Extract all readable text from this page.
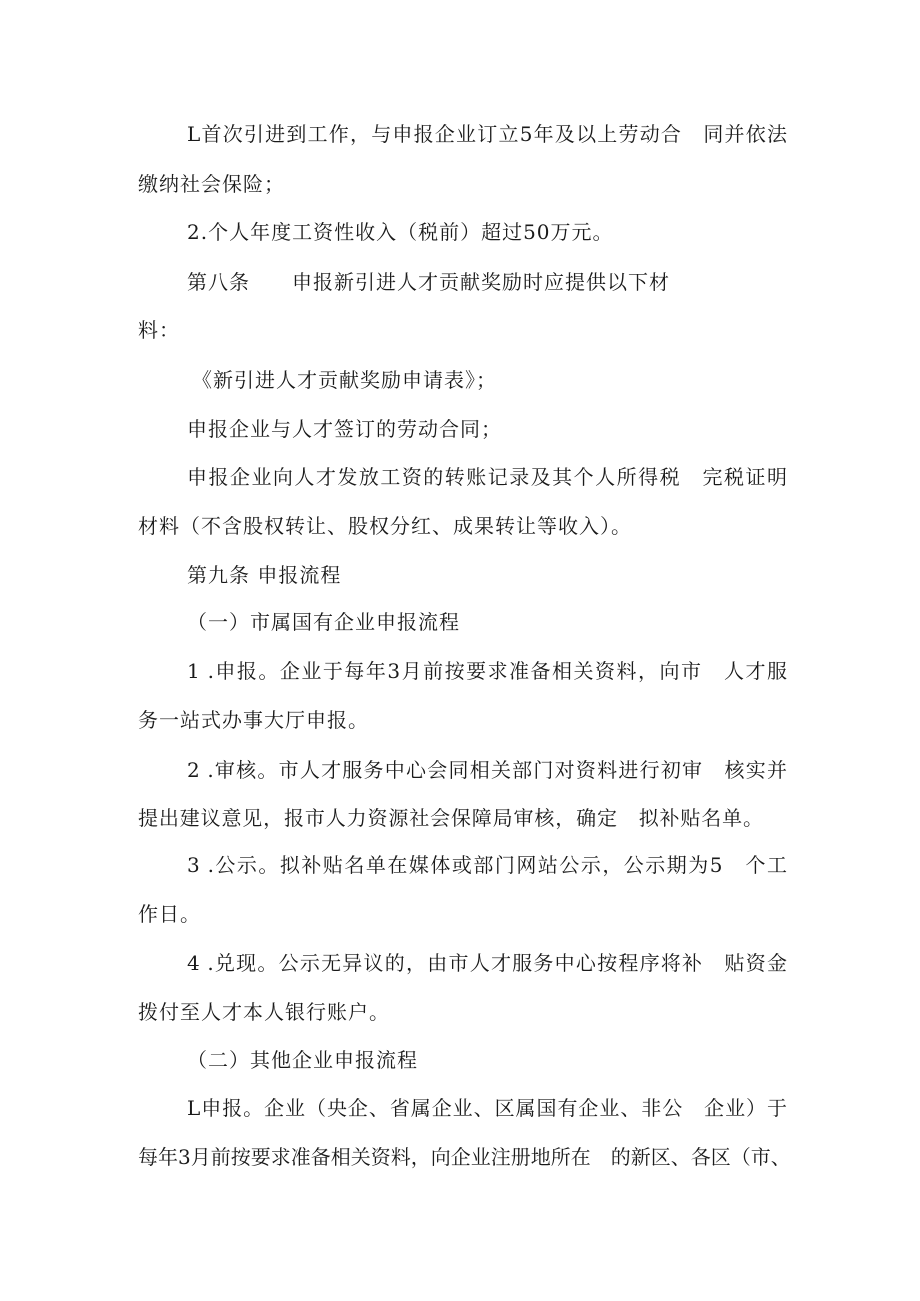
L首次引进到工作，与申报企业订立5年及以上劳动合　同并依法
缴纳社会保险；
2.个人年度工资性收入（税前）超过50万元。
第八条　　申报新引进人才贡献奖励时应提供以下材
料：
《新引进人才贡献奖励申请表》；
申报企业与人才签订的劳动合同；
申报企业向人才发放工资的转账记录及其个人所得税　完税证明
材料（不含股权转让、股权分红、成果转让等收入）。
第九条 申报流程
（一）市属国有企业申报流程
1 .申报。企业于每年3月前按要求准备相关资料，向市　人才服
务一站式办事大厅申报。
2 .审核。市人才服务中心会同相关部门对资料进行初审　核实并
提出建议意见，报市人力资源社会保障局审核，确定　拟补贴名单。
3 .公示。拟补贴名单在媒体或部门网站公示，公示期为5　个工
作日。
4 .兑现。公示无异议的，由市人才服务中心按程序将补　贴资金
拨付至人才本人银行账户。
（二）其他企业申报流程
L申报。企业（央企、省属企业、区属国有企业、非公　企业）于
每年3月前按要求准备相关资料，向企业注册地所在　的新区、各区（市、
